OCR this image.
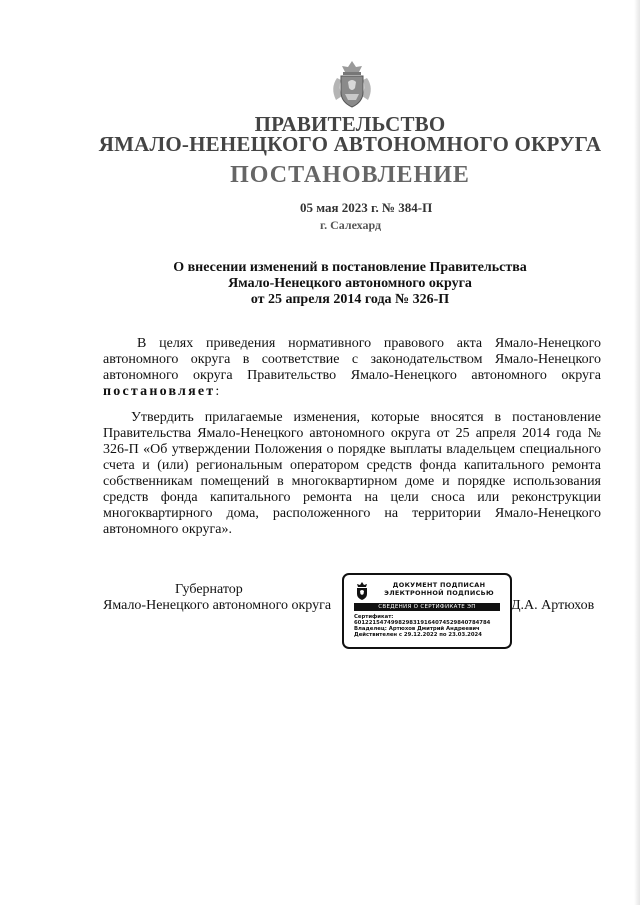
ПРАВИТЕЛЬСТВО
ЯМАЛО-НЕНЕЦКОГО АВТОНОМНОГО ОКРУГА
ПОСТАНОВЛЕНИЕ
05 мая 2023 г. № 384-П
г. Салехард
О внесении изменений в постановление Правительства
Ямало-Ненецкого автономного округа
от 25 апреля 2014 года № 326-П
В целях приведения нормативного правового акта Ямало-Ненецкого автономного округа в соответствие с законодательством Ямало-Ненецкого автономного округа Правительство Ямало-Ненецкого автономного округа постановляет:
Утвердить прилагаемые изменения, которые вносятся в постановление Правительства Ямало-Ненецкого автономного округа от 25 апреля 2014 года № 326-П «Об утверждении Положения о порядке выплаты владельцем специального счета и (или) региональным оператором средств фонда капитального ремонта собственникам помещений в многоквартирном доме и порядке использования средств фонда капитального ремонта на цели сноса или реконструкции многоквартирного дома, расположенного на территории Ямало-Ненецкого автономного округа».
Губернатор
Ямало-Ненецкого автономного округа
ДОКУМЕНТ ПОДПИСАН
ЭЛЕКТРОННОЙ ПОДПИСЬЮ
СВЕДЕНИЯ О СЕРТИФИКАТЕ ЭП
Сертификат:
6012215474998298319164074529840784784
Владелец: Артюхов Дмитрий Андреевич
Действителен с 29.12.2022 по 23.03.2024
Д.А. Артюхов
